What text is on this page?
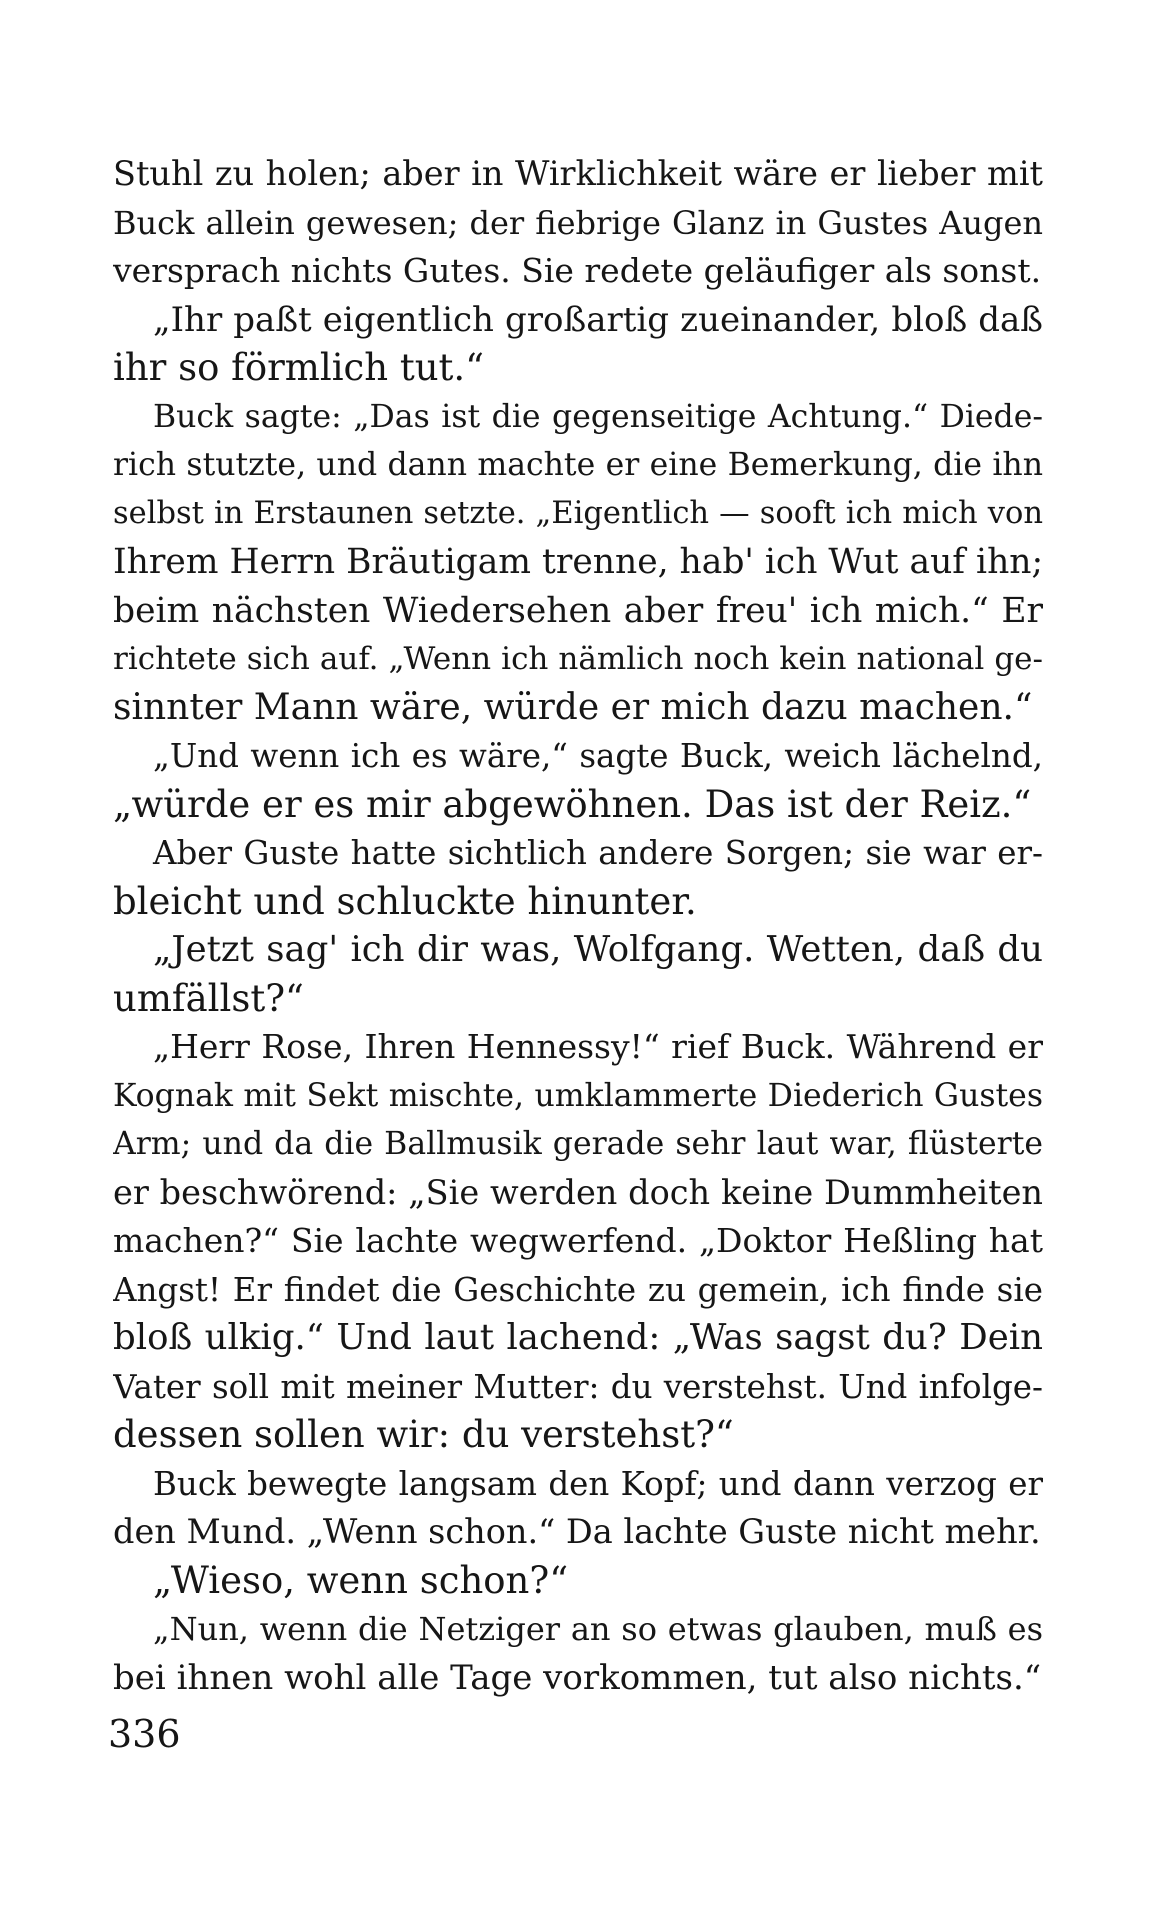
Stuhl zu holen; aber in Wirklichkeit wäre er lieber mit
Buck allein gewesen; der fiebrige Glanz in Gustes Augen
versprach nichts Gutes. Sie redete geläufiger als sonst.
„Ihr paßt eigentlich großartig zueinander, bloß daß
ihr so förmlich tut.“
Buck sagte: „Das ist die gegenseitige Achtung.“ Diede-
rich stutzte, und dann machte er eine Bemerkung, die ihn
selbst in Erstaunen setzte. „Eigentlich — sooft ich mich von
Ihrem Herrn Bräutigam trenne, hab' ich Wut auf ihn;
beim nächsten Wiedersehen aber freu' ich mich.“ Er
richtete sich auf. „Wenn ich nämlich noch kein national ge-
sinnter Mann wäre, würde er mich dazu machen.“
„Und wenn ich es wäre,“ sagte Buck, weich lächelnd,
„würde er es mir abgewöhnen. Das ist der Reiz.“
Aber Guste hatte sichtlich andere Sorgen; sie war er-
bleicht und schluckte hinunter.
„Jetzt sag' ich dir was, Wolfgang. Wetten, daß du
umfällst?“
„Herr Rose, Ihren Hennessy!“ rief Buck. Während er
Kognak mit Sekt mischte, umklammerte Diederich Gustes
Arm; und da die Ballmusik gerade sehr laut war, flüsterte
er beschwörend: „Sie werden doch keine Dummheiten
machen?“ Sie lachte wegwerfend. „Doktor Heßling hat
Angst! Er findet die Geschichte zu gemein, ich finde sie
bloß ulkig.“ Und laut lachend: „Was sagst du? Dein
Vater soll mit meiner Mutter: du verstehst. Und infolge-
dessen sollen wir: du verstehst?“
Buck bewegte langsam den Kopf; und dann verzog er
den Mund. „Wenn schon.“ Da lachte Guste nicht mehr.
„Wieso, wenn schon?“
„Nun, wenn die Netziger an so etwas glauben, muß es
bei ihnen wohl alle Tage vorkommen, tut also nichts.“
336
